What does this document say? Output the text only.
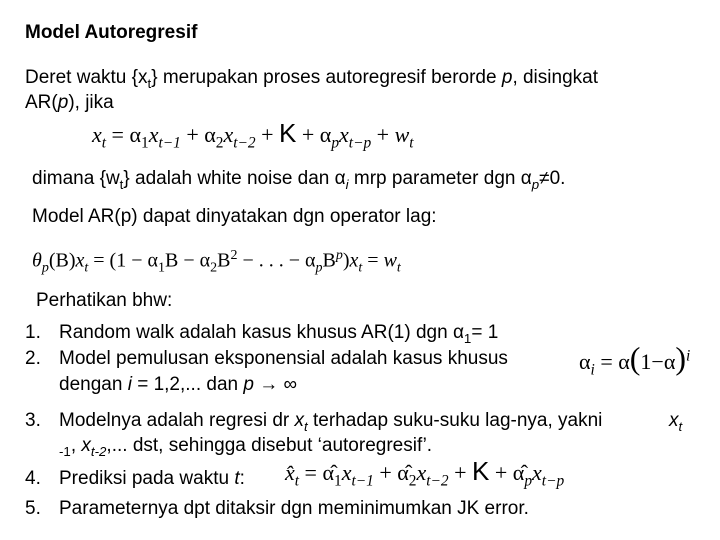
Model Autoregresif
Deret waktu $\{x_t\}$ merupakan proses autoregresif berorde p, disingkat
AR(p), jika
$x_t = \alpha_1x_{t-1} + \alpha_2x_{t-2} + K + \alpha_px_{t-p} + w_t$
dimana $\{w_t\}$ adalah white noise dan $\alpha_i$ mrp parameter dgn $\alpha_p\ne 0$.
Model AR(p) dapat dinyatakan dgn operator lag:
$\theta_p(B)x_t = (1 - \alpha_1B - \alpha_2B^2$ − . . . − $\alpha_pB^p)x_t = w_t$
Perhatikan bhw:
1. Random walk adalah kasus khusus AR(1) dgn $\alpha_1= 1$
2. Model pemulusan eksponensial adalah kasus khusus	$\alpha_i = \alpha(1-\alpha)^i$
dengan i = 1,2,... dan p → ∞
3. Modelnya adalah regresi dr $x_t$ terhadap suku-suku lag-nya, yakni	$x_t$
$_{-1}$, $x_{t-2}$,... dst, sehingga disebut ‘autoregresif’.
4. Prediksi pada waktu t: $x̂_t$ = $\alphâ_1x_{t-1}$ + $\alphâ_2x_{t-2} + K$ + $\alphâ_px_{t-p}$
5. Parameternya dpt ditaksir dgn meminimumkan JK error.
